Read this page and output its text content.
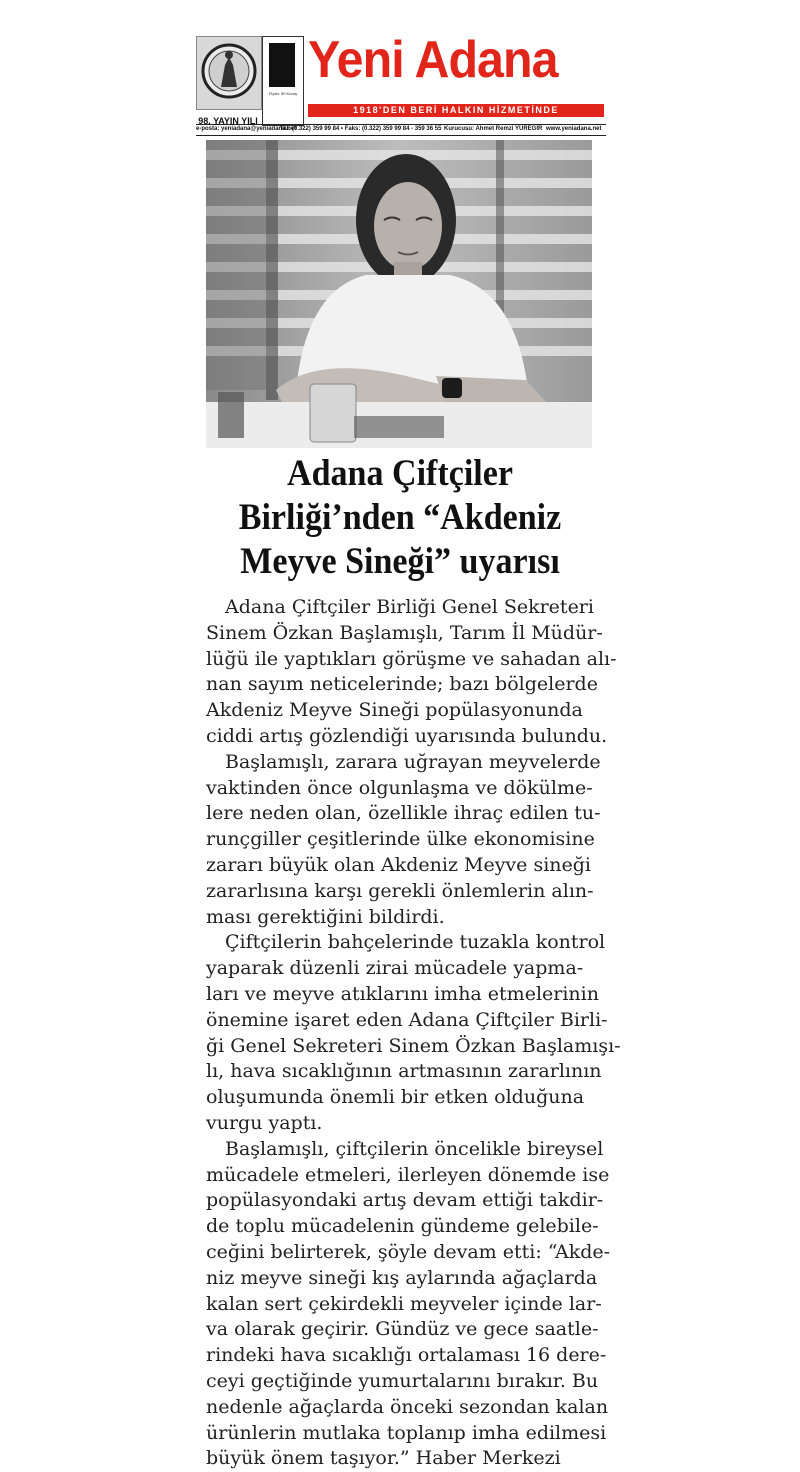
98. YAYIN YILI
Fiyatı: 50 Kuruş
Yeni Adana
1918'DEN BERİ HALKIN HİZMETİNDE
e-posta: yeniadana@yeniadana.net
Tel: (0.322) 359 99 84 • Faks: (0.322) 359 99 84 - 359 36 55 Kurucusu: Ahmet Remzi YÜREGİR www.yeniadana.net
Adana Çiftçiler
Birliği’nden “Akdeniz
Meyve Sineği” uyarısı
Adana Çiftçiler Birliği Genel Sekreteri
Sinem Özkan Başlamışlı, Tarım İl Müdür-
lüğü ile yaptıkları görüşme ve sahadan alı-
nan sayım neticelerinde; bazı bölgelerde
Akdeniz Meyve Sineği popülasyonunda
ciddi artış gözlendiği uyarısında bulundu.
Başlamışlı, zarara uğrayan meyvelerde
vaktinden önce olgunlaşma ve dökülme-
lere neden olan, özellikle ihraç edilen tu-
runçgiller çeşitlerinde ülke ekonomisine
zararı büyük olan Akdeniz Meyve sineği
zararlısına karşı gerekli önlemlerin alın-
ması gerektiğini bildirdi.
Çiftçilerin bahçelerinde tuzakla kontrol
yaparak düzenli zirai mücadele yapma-
ları ve meyve atıklarını imha etmelerinin
önemine işaret eden Adana Çiftçiler Birli-
ği Genel Sekreteri Sinem Özkan Başlamışı-
lı, hava sıcaklığının artmasının zararlının
oluşumunda önemli bir etken olduğuna
vurgu yaptı.
Başlamışlı, çiftçilerin öncelikle bireysel
mücadele etmeleri, ilerleyen dönemde ise
popülasyondaki artış devam ettiği takdir-
de toplu mücadelenin gündeme gelebile-
ceğini belirterek, şöyle devam etti: “Akde-
niz meyve sineği kış aylarında ağaçlarda
kalan sert çekirdekli meyveler içinde lar-
va olarak geçirir. Gündüz ve gece saatle-
rindeki hava sıcaklığı ortalaması 16 dere-
ceyi geçtiğinde yumurtalarını bırakır. Bu
nedenle ağaçlarda önceki sezondan kalan
ürünlerin mutlaka toplanıp imha edilmesi
büyük önem taşıyor.” Haber Merkezi
